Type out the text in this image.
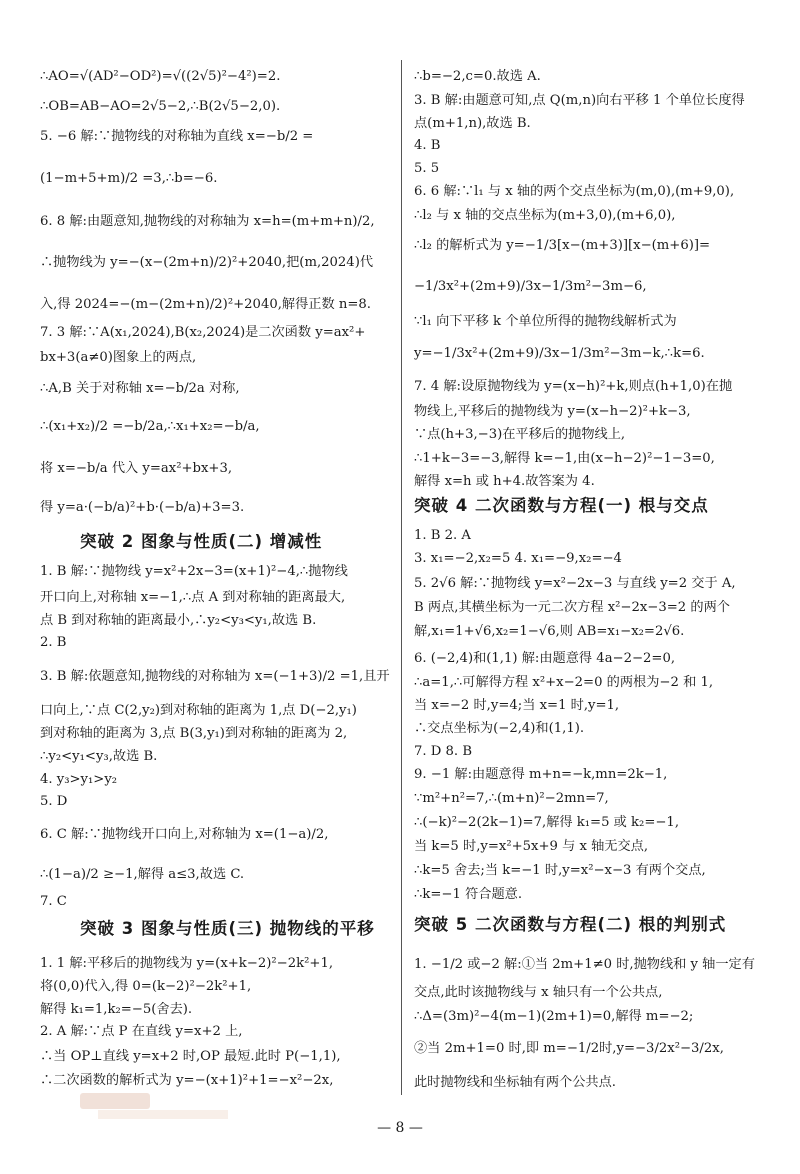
∴AO=√(AD²−OD²)=√((2√5)²−4²)=2.
∴OB=AB−AO=2√5−2,∴B(2√5−2,0).
5. −6 解:∵抛物线的对称轴为直线 x=−b/2 =
(1−m+5+m)/2 =3,∴b=−6.
6. 8 解:由题意知,抛物线的对称轴为 x=h=(m+m+n)/2,
∴抛物线为 y=−(x−(2m+n)/2)²+2040,把(m,2024)代
入,得 2024=−(m−(2m+n)/2)²+2040,解得正数 n=8.
7. 3 解:∵A(x₁,2024),B(x₂,2024)是二次函数 y=ax²+
bx+3(a≠0)图象上的两点,
∴A,B 关于对称轴 x=−b/2a 对称,
∴(x₁+x₂)/2 =−b/2a,∴x₁+x₂=−b/a,
将 x=−b/a 代入 y=ax²+bx+3,
得 y=a·(−b/a)²+b·(−b/a)+3=3.
1. B 解:∵抛物线 y=x²+2x−3=(x+1)²−4,∴抛物线
开口向上,对称轴 x=−1,∴点 A 到对称轴的距离最大,
点 B 到对称轴的距离最小,∴y₂<y₃<y₁,故选 B.
2. B
3. B 解:依题意知,抛物线的对称轴为 x=(−1+3)/2 =1,且开
口向上,∵点 C(2,y₂)到对称轴的距离为 1,点 D(−2,y₁)
到对称轴的距离为 3,点 B(3,y₁)到对称轴的距离为 2,
∴y₂<y₁<y₃,故选 B.
4. y₃>y₁>y₂
5. D
6. C 解:∵抛物线开口向上,对称轴为 x=(1−a)/2,
∴(1−a)/2 ≥−1,解得 a≤3,故选 C.
7. C
1. 1 解:平移后的抛物线为 y=(x+k−2)²−2k²+1,
将(0,0)代入,得 0=(k−2)²−2k²+1,
解得 k₁=1,k₂=−5(舍去).
2. A 解:∵点 P 在直线 y=x+2 上,
∴当 OP⊥直线 y=x+2 时,OP 最短.此时 P(−1,1),
∴二次函数的解析式为 y=−(x+1)²+1=−x²−2x,
突破 2 图象与性质(二) 增减性
突破 3 图象与性质(三) 抛物线的平移
∴b=−2,c=0.故选 A.
3. B 解:由题意可知,点 Q(m,n)向右平移 1 个单位长度得
点(m+1,n),故选 B.
4. B
5. 5
6. 6 解:∵l₁ 与 x 轴的两个交点坐标为(m,0),(m+9,0),
∴l₂ 与 x 轴的交点坐标为(m+3,0),(m+6,0),
∴l₂ 的解析式为 y=−1/3[x−(m+3)][x−(m+6)]=
−1/3x²+(2m+9)/3x−1/3m²−3m−6,
∵l₁ 向下平移 k 个单位所得的抛物线解析式为
y=−1/3x²+(2m+9)/3x−1/3m²−3m−k,∴k=6.
7. 4 解:设原抛物线为 y=(x−h)²+k,则点(h+1,0)在抛
物线上,平移后的抛物线为 y=(x−h−2)²+k−3,
∵点(h+3,−3)在平移后的抛物线上,
∴1+k−3=−3,解得 k=−1,由(x−h−2)²−1−3=0,
解得 x=h 或 h+4.故答案为 4.
1. B 2. A
3. x₁=−2,x₂=5 4. x₁=−9,x₂=−4
5. 2√6 解:∵抛物线 y=x²−2x−3 与直线 y=2 交于 A,
B 两点,其横坐标为一元二次方程 x²−2x−3=2 的两个
解,x₁=1+√6,x₂=1−√6,则 AB=x₁−x₂=2√6.
6. (−2,4)和(1,1) 解:由题意得 4a−2−2=0,
∴a=1,∴可解得方程 x²+x−2=0 的两根为−2 和 1,
当 x=−2 时,y=4;当 x=1 时,y=1,
∴交点坐标为(−2,4)和(1,1).
7. D 8. B
9. −1 解:由题意得 m+n=−k,mn=2k−1,
∵m²+n²=7,∴(m+n)²−2mn=7,
∴(−k)²−2(2k−1)=7,解得 k₁=5 或 k₂=−1,
当 k=5 时,y=x²+5x+9 与 x 轴无交点,
∴k=5 舍去;当 k=−1 时,y=x²−x−3 有两个交点,
∴k=−1 符合题意.
1. −1/2 或−2 解:①当 2m+1≠0 时,抛物线和 y 轴一定有
交点,此时该抛物线与 x 轴只有一个公共点,
∴Δ=(3m)²−4(m−1)(2m+1)=0,解得 m=−2;
②当 2m+1=0 时,即 m=−1/2时,y=−3/2x²−3/2x,
此时抛物线和坐标轴有两个公共点.
突破 4 二次函数与方程(一) 根与交点
突破 5 二次函数与方程(二) 根的判别式
— 8 —
